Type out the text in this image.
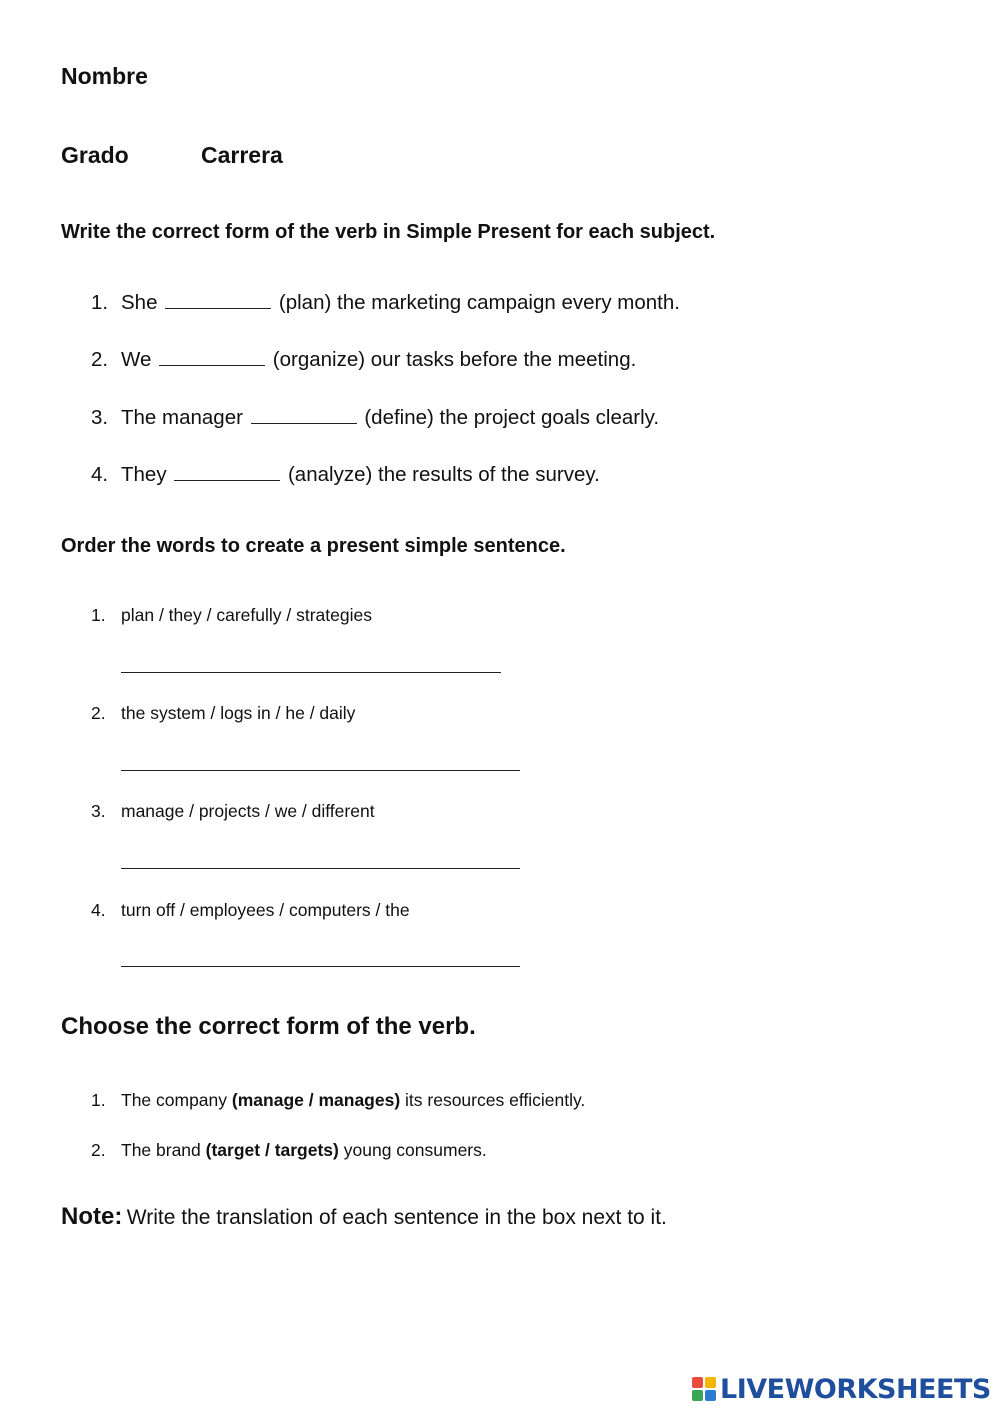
Nombre
Grado	Carrera
Write the correct form of the verb in Simple Present for each subject.
1. She	(plan) the marketing campaign every month.
2. We	(organize) our tasks before the meeting.
3. The manager	(define) the project goals clearly.
4. They	(analyze) the results of the survey.
Order the words to create a present simple sentence.
1. plan / they / carefully / strategies
2. the system / logs in / he / daily
3. manage / projects / we / different
4. turn off / employees / computers / the
Choose the correct form of the verb.
1. The company (manage / manages) its resources efficiently.
2. The brand (target / targets) young consumers.
Note: Write the translation of each sentence in the box next to it.
LIVEWORKSHEETS
